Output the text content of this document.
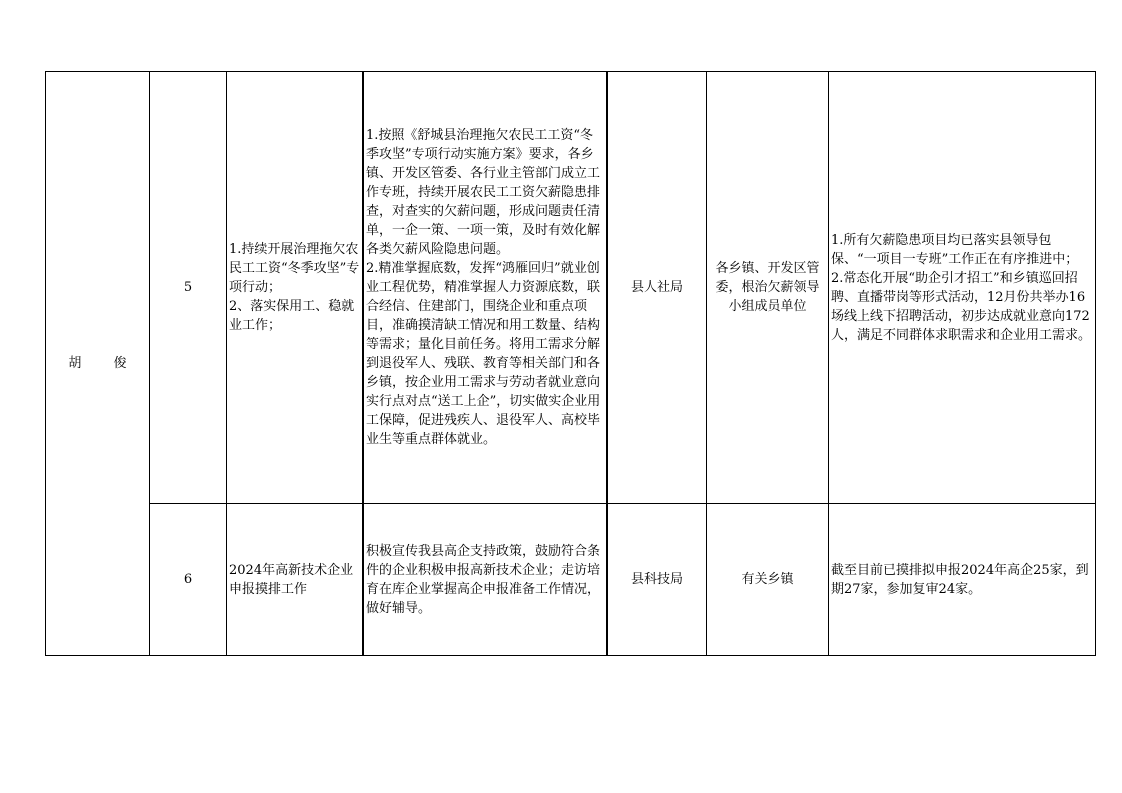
胡 俊	5	1.持续开展治理拖欠农民工工资“冬季攻坚”专项行动；
2、落实保用工、稳就业工作；	1.按照《舒城县治理拖欠农民工工资“冬季攻坚”专项行动实施方案》要求，各乡镇、开发区管委、各行业主管部门成立工作专班，持续开展农民工工资欠薪隐患排查，对查实的欠薪问题，形成问题责任清单，一企一策、一项一策，及时有效化解各类欠薪风险隐患问题。
2.精准掌握底数，发挥“鸿雁回归”就业创业工程优势，精准掌握人力资源底数，联合经信、住建部门，围绕企业和重点项目，准确摸清缺工情况和用工数量、结构等需求；量化目前任务。将用工需求分解到退役军人、残联、教育等相关部门和各乡镇，按企业用工需求与劳动者就业意向实行点对点“送工上企”，切实做实企业用工保障，促进残疾人、退役军人、高校毕业生等重点群体就业。	县人社局	各乡镇、开发区管委，根治欠薪领导小组成员单位	1.所有欠薪隐患项目均已落实县领导包保、“一项目一专班”工作正在有序推进中；
2.常态化开展“助企引才招工”和乡镇巡回招聘、直播带岗等形式活动，12月份共举办16场线上线下招聘活动，初步达成就业意向172人，满足不同群体求职需求和企业用工需求。
	6	2024年高新技术企业申报摸排工作	积极宣传我县高企支持政策，鼓励符合条件的企业积极申报高新技术企业；走访培育在库企业掌握高企申报准备工作情况，做好辅导。	县科技局	有关乡镇	截至目前已摸排拟申报2024年高企25家，到期27家，参加复审24家。
